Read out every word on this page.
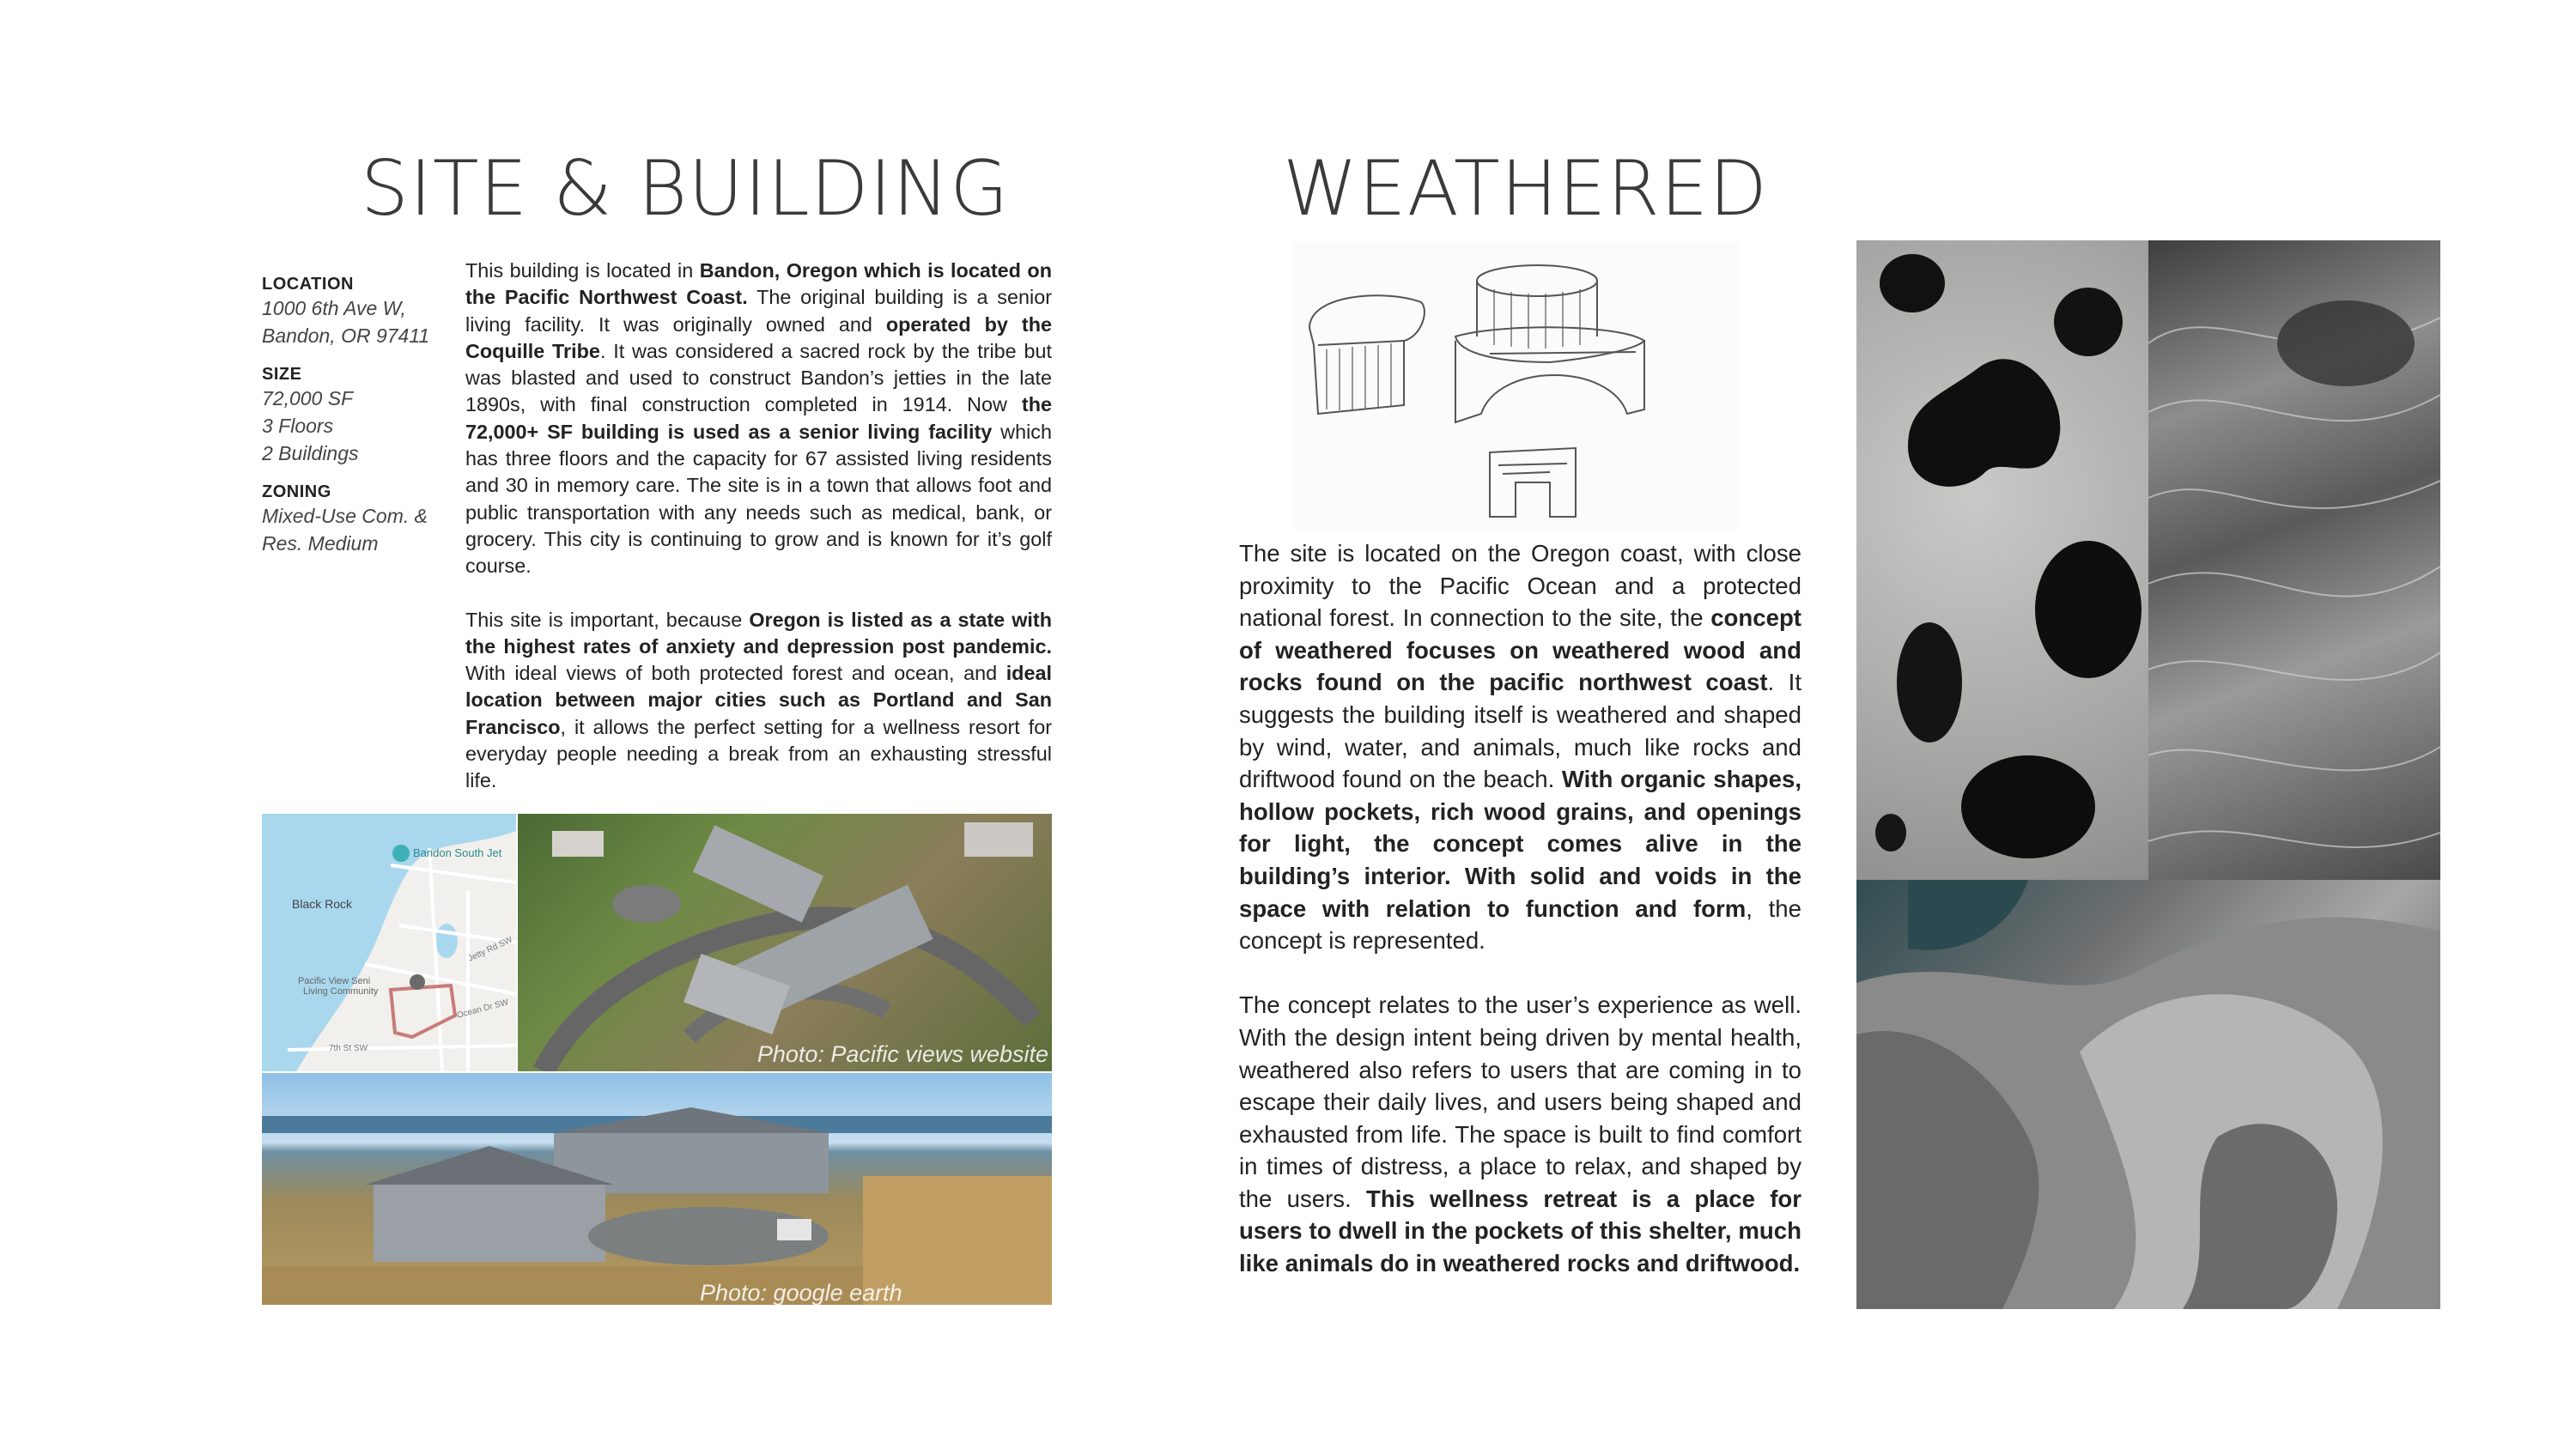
SITE & BUILDING	WEATHERED

LOCATION

1000 6th Ave W,

Bandon, OR 97411

SIZE

72,000 SF

3 Floors

2 Buildings

ZONING

Mixed-Use Com. &

Res. Medium

This building is located in Bandon, Oregon which is located on the Pacific Northwest Coast. The original building is a senior living facility. It was originally owned and operated by the Coquille Tribe. It was considered a sacred rock by the tribe but was blasted and used to construct Bandon’s jetties in the late 1890s, with final construction completed in 1914. Now the 72,000+ SF building is used as a senior living facility which has three floors and the capacity for 67 assisted living residents and 30 in memory care. The site is in a town that allows foot and public transportation with any needs such as medical, bank, or grocery. This city is continuing to grow and is known for it’s golf course.

This site is important, because Oregon is listed as a state with the highest rates of anxiety and depression post pandemic. With ideal views of both protected forest and ocean, and ideal location between major cities such as Portland and San Francisco, it allows the perfect setting for a wellness resort for everyday people needing a break from an exhausting stressful life.

Bandon South Jet
Black Rock
Pacific View Seni
Living Community
Jetty Rd SW
Ocean Dr SW
7th St SW	Photo: Pacific views website
Photo: google earth

The site is located on the Oregon coast, with close proximity to the Pacific Ocean and a protected national forest. In connection to the site, the concept of weathered focuses on weathered wood and rocks found on the pacific northwest coast. It suggests the building itself is weathered and shaped by wind, water, and animals, much like rocks and driftwood found on the beach. With organic shapes, hollow pockets, rich wood grains, and openings for light, the concept comes alive in the building’s interior. With solid and voids in the space with relation to function and form, the concept is represented.

The concept relates to the user’s experience as well. With the design intent being driven by mental health, weathered also refers to users that are coming in to escape their daily lives, and users being shaped and exhausted from life. The space is built to find comfort in times of distress, a place to relax, and shaped by the users. This wellness retreat is a place for users to dwell in the pockets of this shelter, much like animals do in weathered rocks and driftwood.
